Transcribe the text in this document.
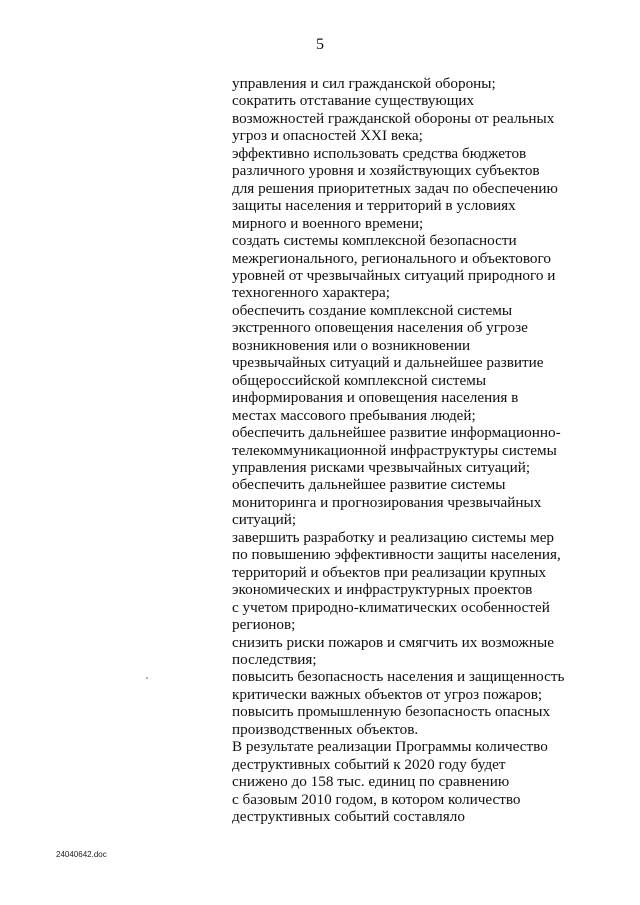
5
управления и сил гражданской обороны;
сократить отставание существующих
возможностей гражданской обороны от реальных
угроз и опасностей XXI века;
эффективно использовать средства бюджетов
различного уровня и хозяйствующих субъектов
для решения приоритетных задач по обеспечению
защиты населения и территорий в условиях
мирного и военного времени;
создать системы комплексной безопасности
межрегионального, регионального и объектового
уровней от чрезвычайных ситуаций природного и
техногенного характера;
обеспечить создание комплексной системы
экстренного оповещения населения об угрозе
возникновения или о возникновении
чрезвычайных ситуаций и дальнейшее развитие
общероссийской комплексной системы
информирования и оповещения населения в
местах массового пребывания людей;
обеспечить дальнейшее развитие информационно-
телекоммуникационной инфраструктуры системы
управления рисками чрезвычайных ситуаций;
обеспечить дальнейшее развитие системы
мониторинга и прогнозирования чрезвычайных
ситуаций;
завершить разработку и реализацию системы мер
по повышению эффективности защиты населения,
территорий и объектов при реализации крупных
экономических и инфраструктурных проектов
с учетом природно-климатических особенностей
регионов;
снизить риски пожаров и смягчить их возможные
последствия;
повысить безопасность населения и защищенность
критически важных объектов от угроз пожаров;
повысить промышленную безопасность опасных
производственных объектов.
В результате реализации Программы количество
деструктивных событий к 2020 году будет
снижено до 158 тыс. единиц по сравнению
с базовым 2010 годом, в котором количество
деструктивных событий составляло
24040642.doc
